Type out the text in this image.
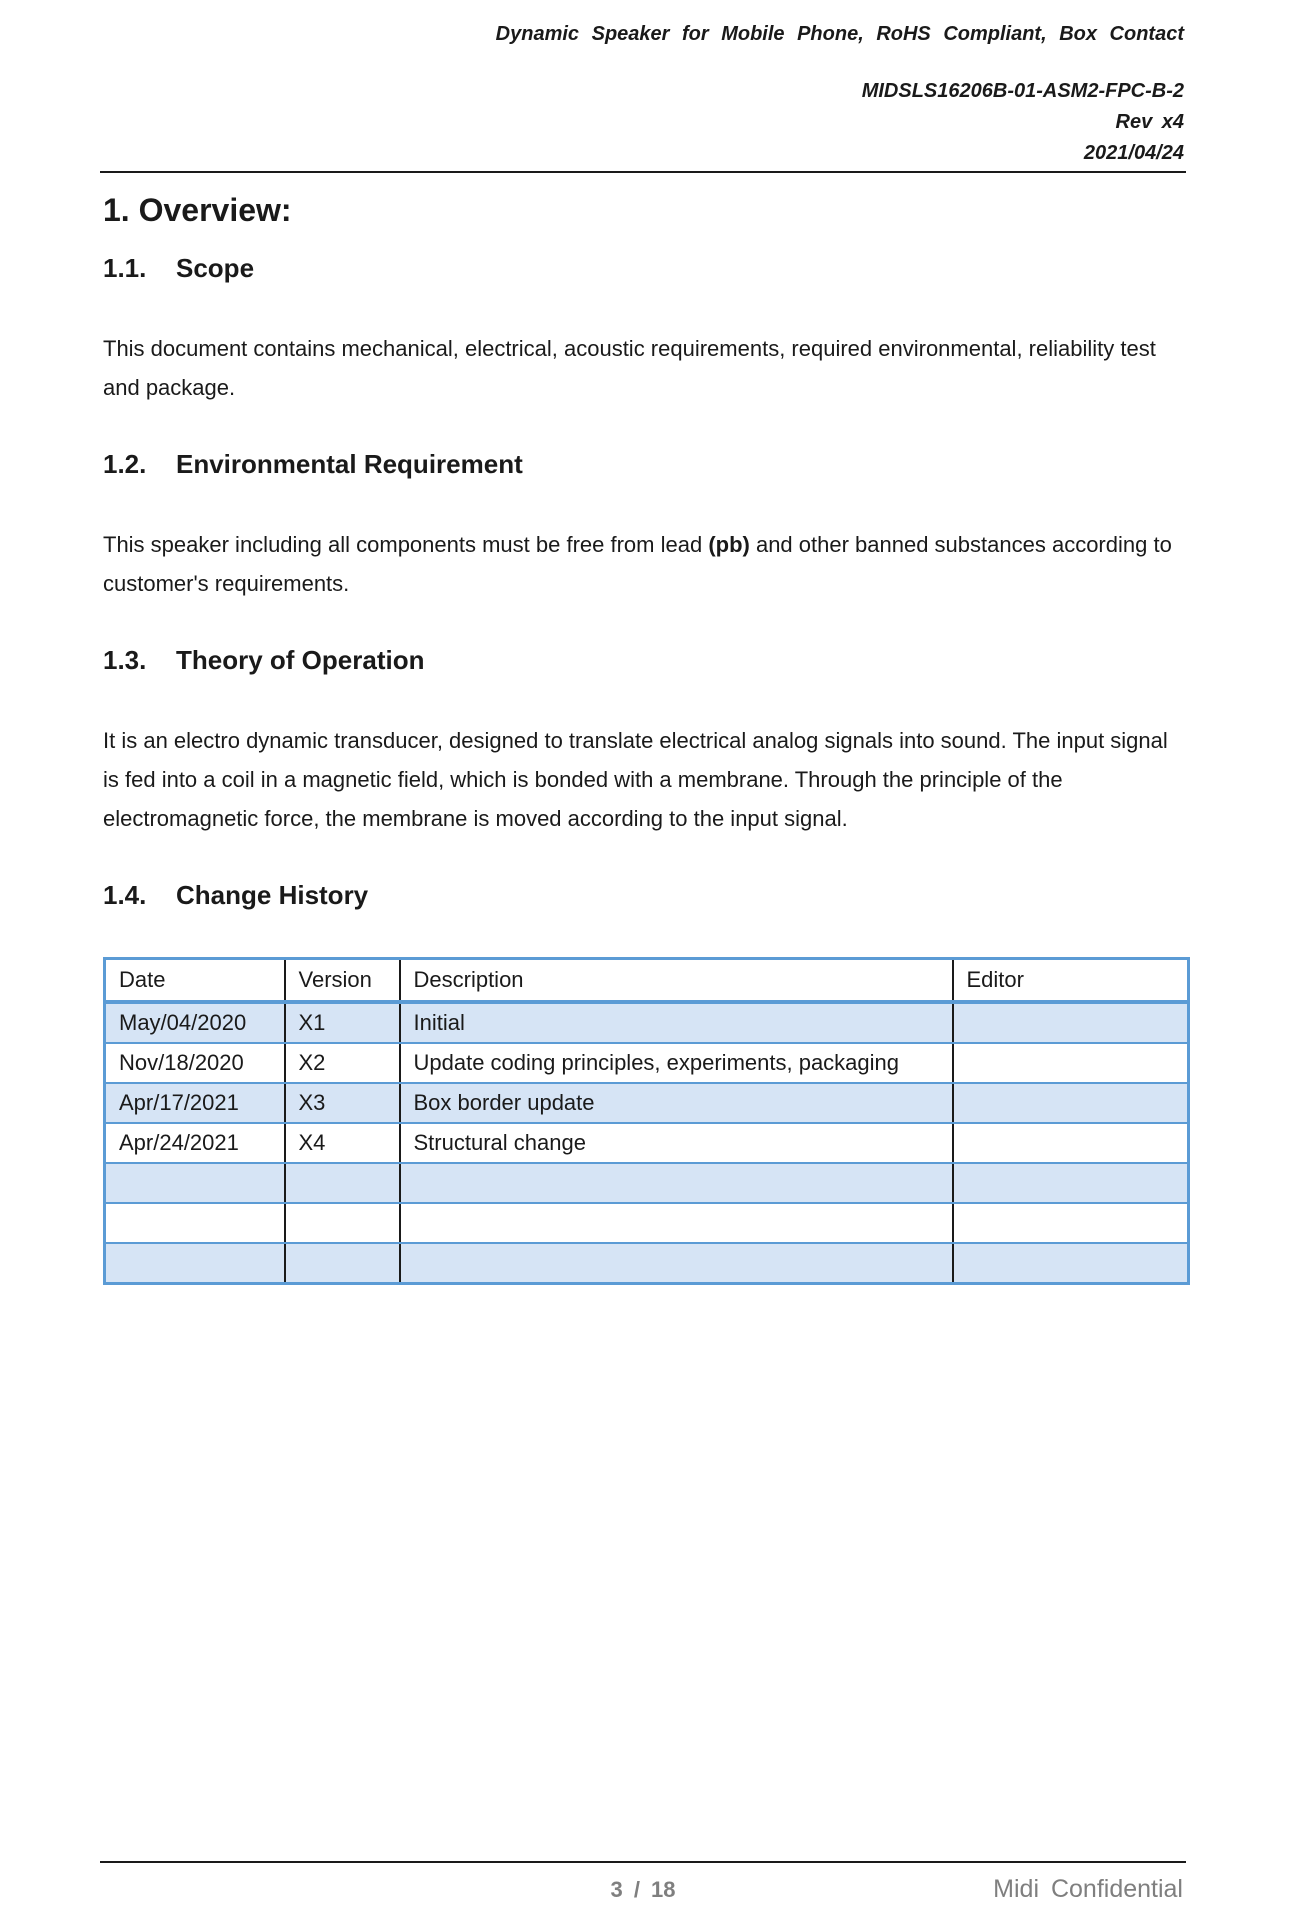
Dynamic Speaker for Mobile Phone, RoHS Compliant, Box Contact
MIDSLS16206B-01-ASM2-FPC-B-2
Rev x4
2021/04/24
1. Overview:
1.1. Scope

This document contains mechanical, electrical, acoustic requirements, required environmental, reliability test and package.

1.2. Environmental Requirement

This speaker including all components must be free from lead (pb) and other banned substances according to customer's requirements.

1.3. Theory of Operation

It is an electro dynamic transducer, designed to translate electrical analog signals into sound. The input signal is fed into a coil in a magnetic field, which is bonded with a membrane. Through the principle of the electromagnetic force, the membrane is moved according to the input signal.

1.4. Change History
Date	Version	Description	Editor
May/04/2020	X1	Initial	
Nov/18/2020	X2	Update coding principles, experiments, packaging	
Apr/17/2021	X3	Box border update	
Apr/24/2021	X4	Structural change	

3 / 18	Midi Confidential
